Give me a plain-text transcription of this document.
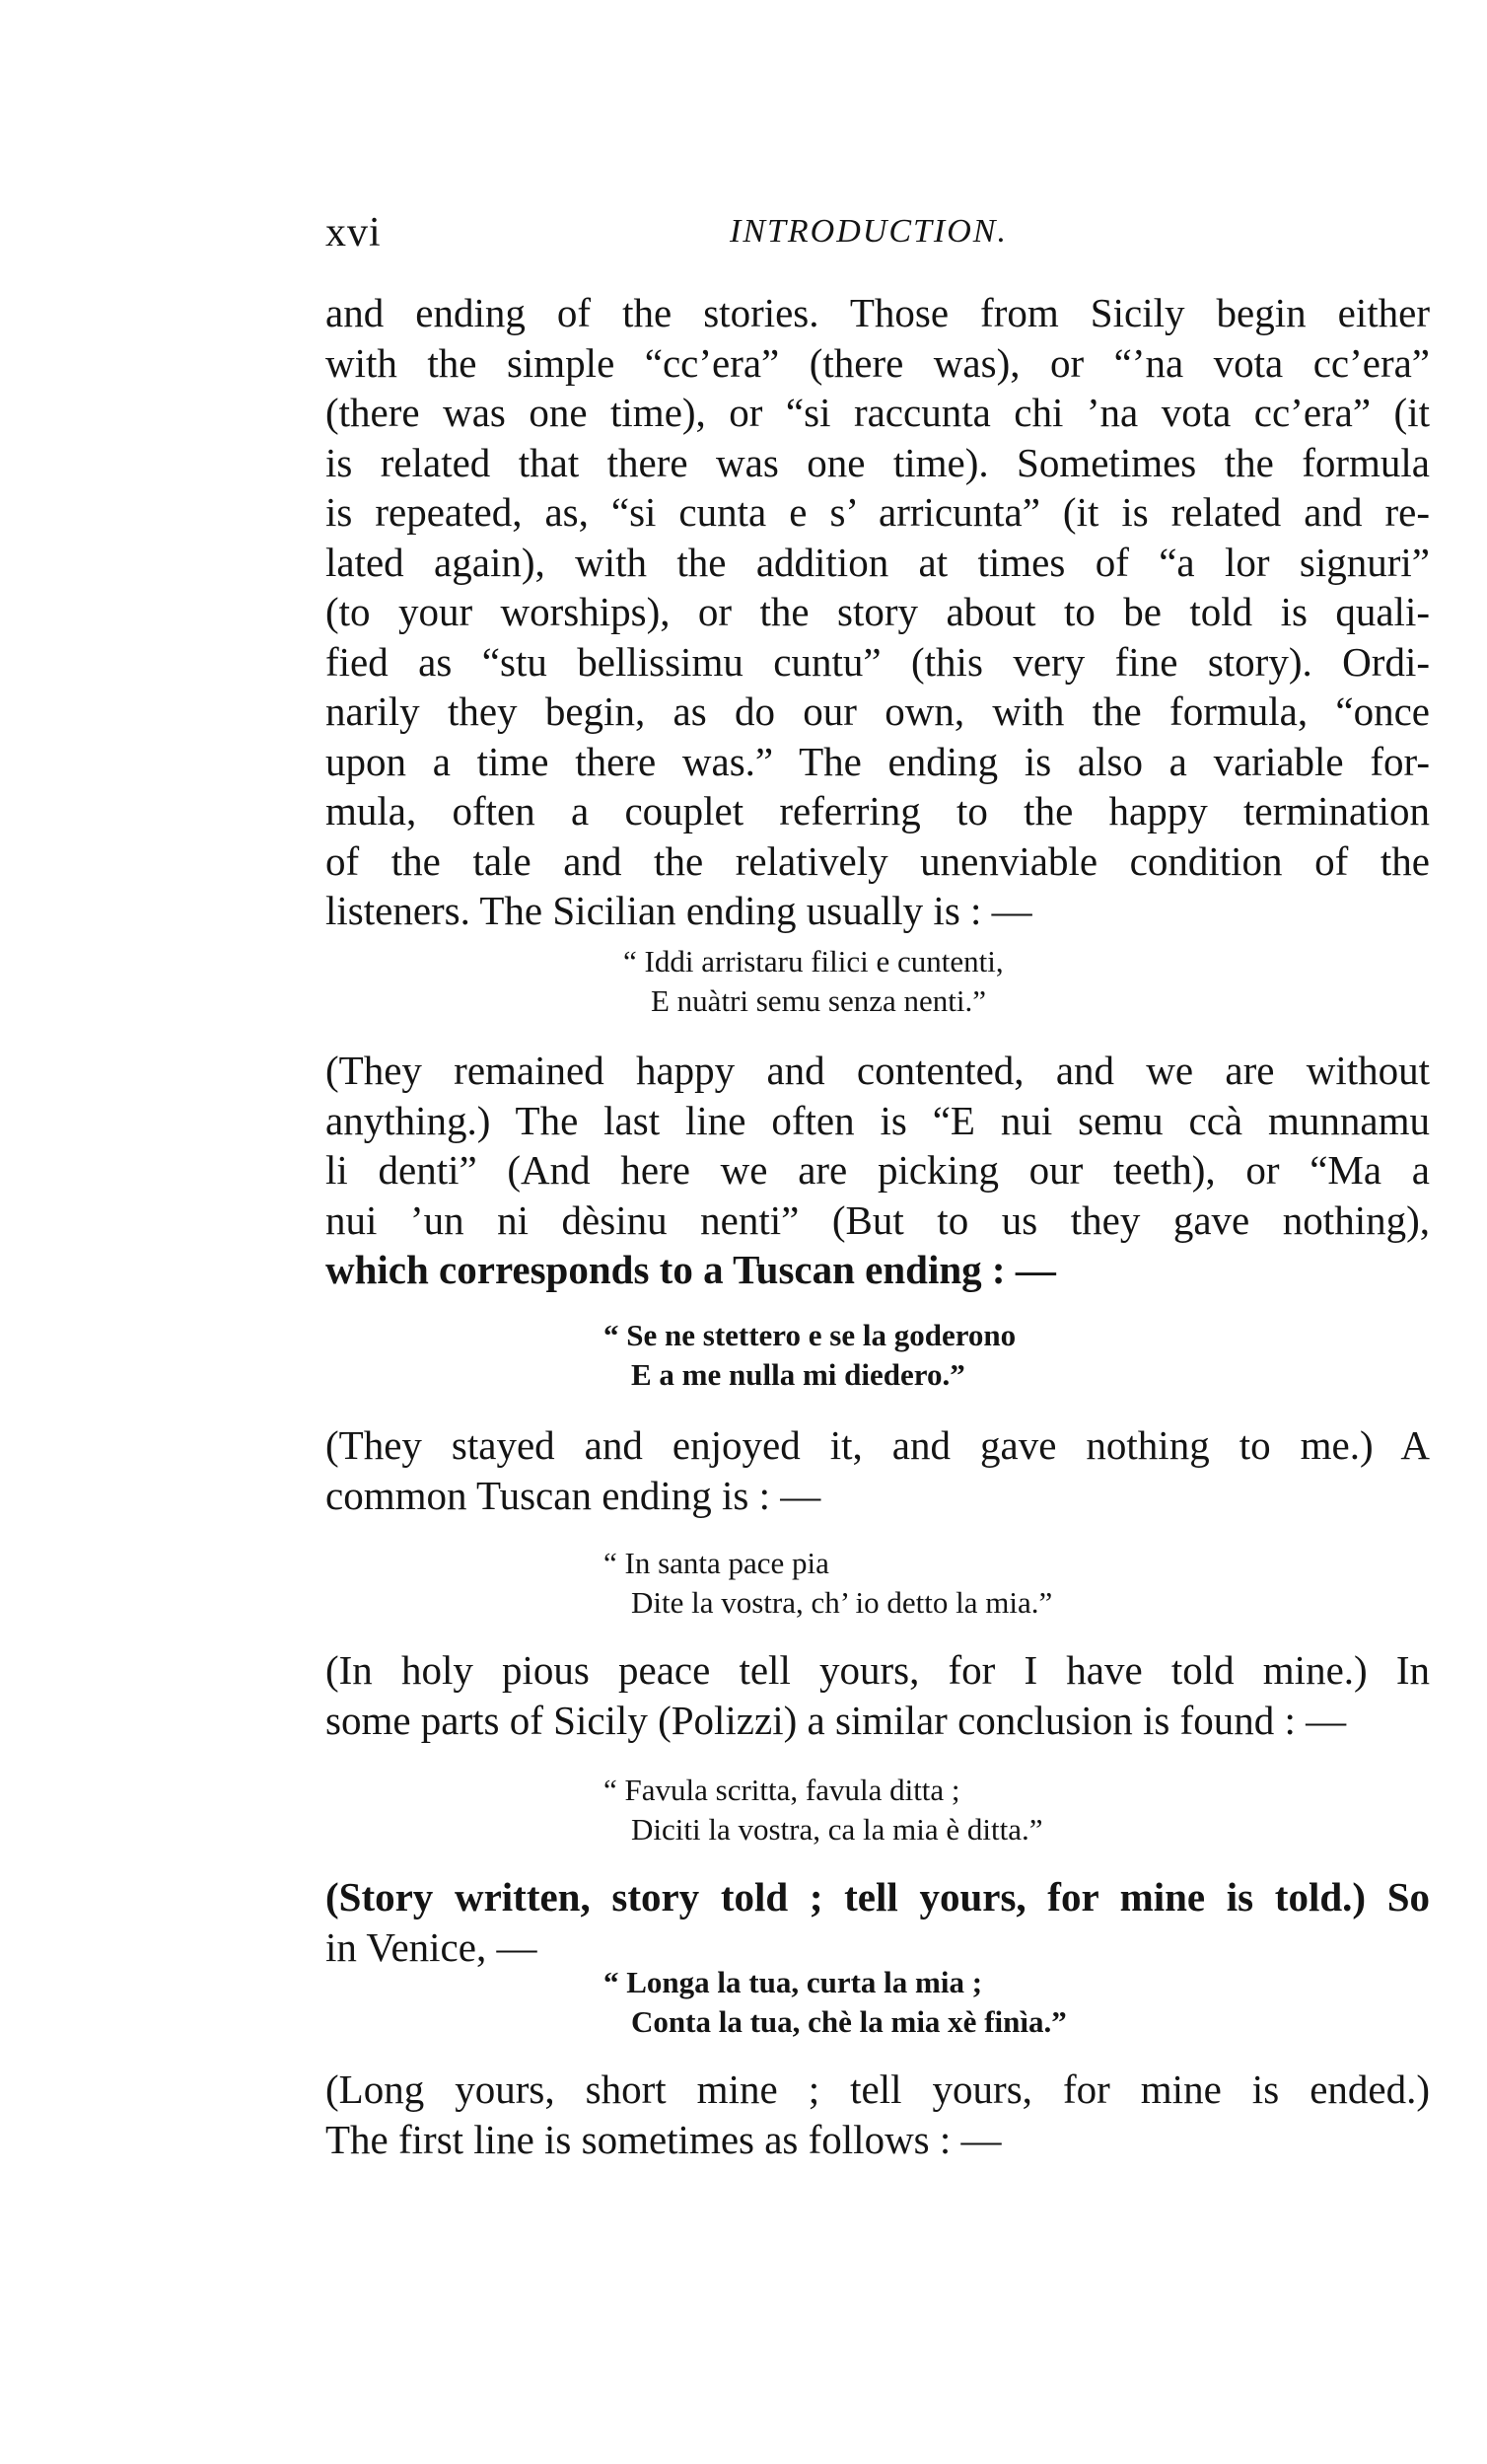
xvi	INTRODUCTION.
and ending of the stories. Those from Sicily begin either
with the simple “cc’era” (there was), or “’na vota cc’era”
(there was one time), or “si raccunta chi ’na vota cc’era” (it
is related that there was one time). Sometimes the formula
is repeated, as, “si cunta e s’ arricunta” (it is related and re-
lated again), with the addition at times of “a lor signuri”
(to your worships), or the story about to be told is quali-
fied as “stu bellissimu cuntu” (this very fine story). Ordi-
narily they begin, as do our own, with the formula, “once
upon a time there was.” The ending is also a variable for-
mula, often a couplet referring to the happy termination
of the tale and the relatively unenviable condition of the
listeners. The Sicilian ending usually is : —
“ Iddi arristaru filici e cuntenti,
E nuàtri semu senza nenti.”
(They remained happy and contented, and we are without
anything.) The last line often is “E nui semu ccà munnamu
li denti” (And here we are picking our teeth), or “Ma a
nui ’un ni dèsinu nenti” (But to us they gave nothing),
which corresponds to a Tuscan ending : —
“ Se ne stettero e se la goderono
E a me nulla mi diedero.”
(They stayed and enjoyed it, and gave nothing to me.) A
common Tuscan ending is : —
“ In santa pace pia
Dite la vostra, ch’ io detto la mia.”
(In holy pious peace tell yours, for I have told mine.) In
some parts of Sicily (Polizzi) a similar conclusion is found : —
“ Favula scritta, favula ditta ;
Diciti la vostra, ca la mia è ditta.”
(Story written, story told ; tell yours, for mine is told.) So
in Venice, —
“ Longa la tua, curta la mia ;
Conta la tua, chè la mia xè finìa.”
(Long yours, short mine ; tell yours, for mine is ended.)
The first line is sometimes as follows : —
